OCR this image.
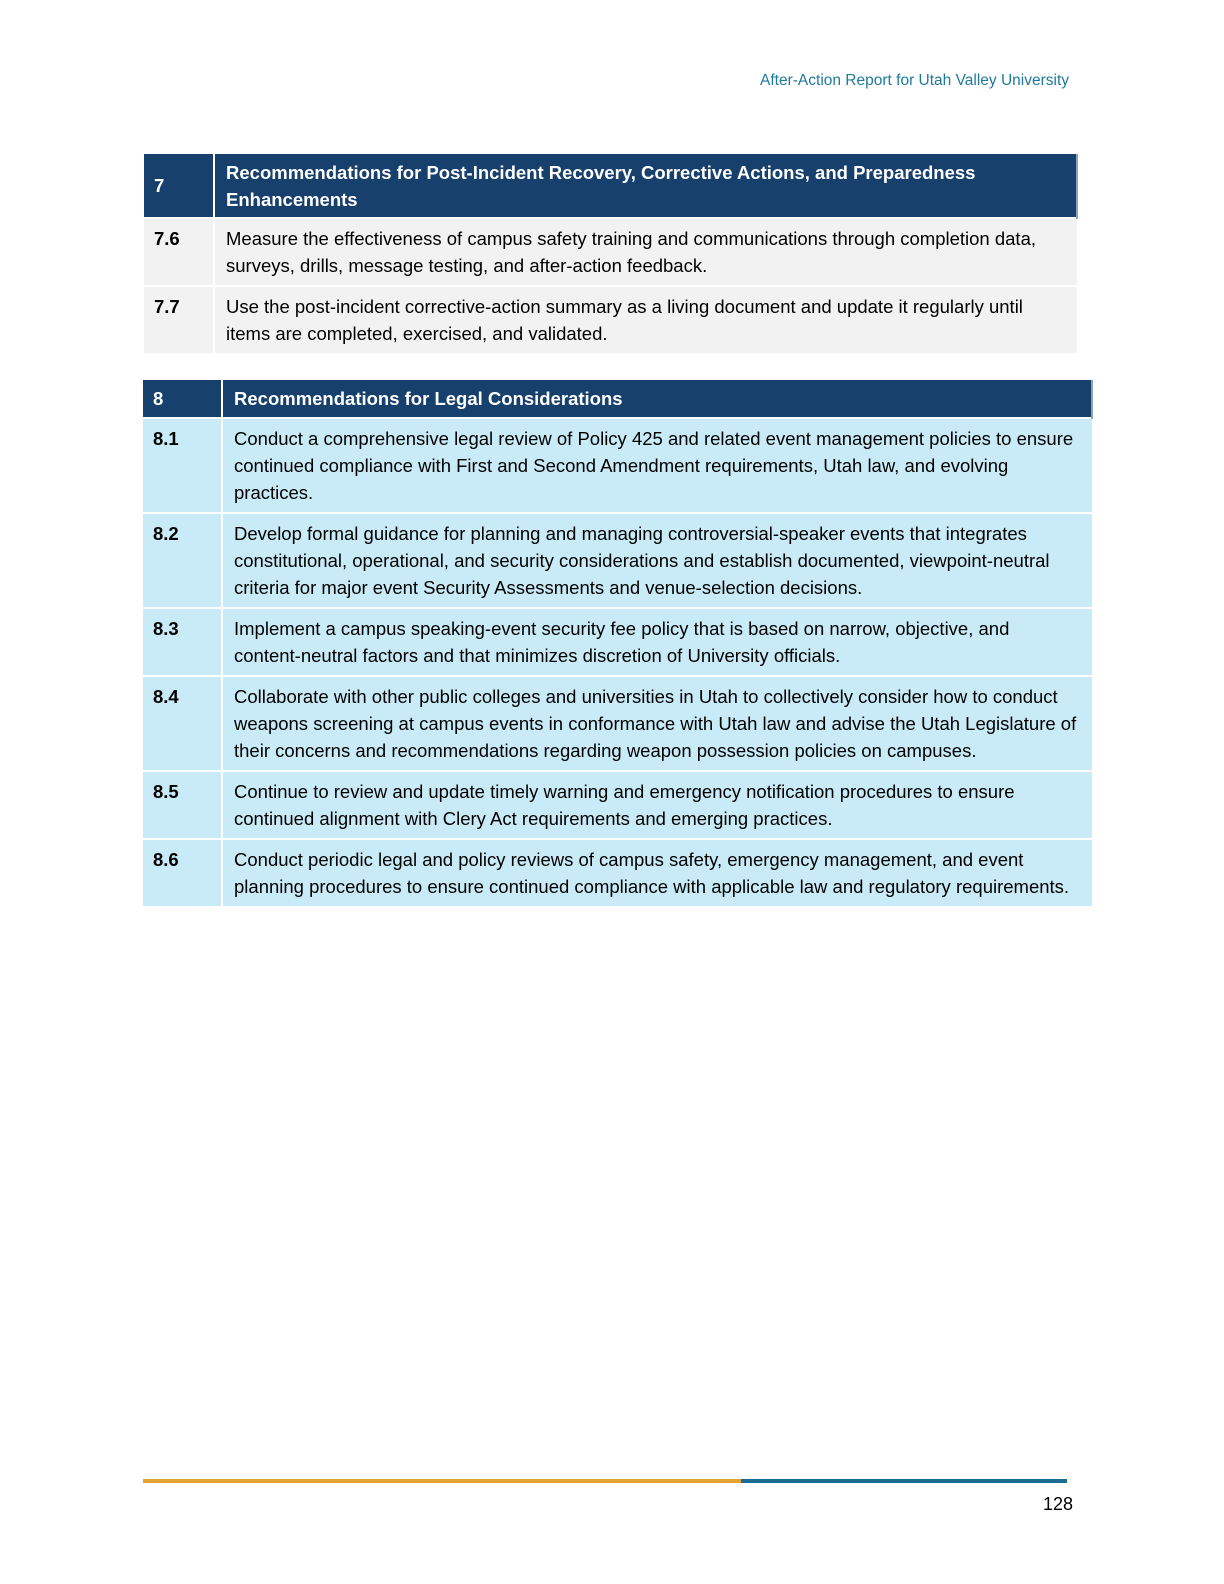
After-Action Report for Utah Valley University
7	Recommendations for Post-Incident Recovery, Corrective Actions, and Preparedness Enhancements
7.6	Measure the effectiveness of campus safety training and communications through completion data, surveys, drills, message testing, and after-action feedback.
7.7	Use the post-incident corrective-action summary as a living document and update it regularly until items are completed, exercised, and validated.
8	Recommendations for Legal Considerations
8.1	Conduct a comprehensive legal review of Policy 425 and related event management policies to ensure continued compliance with First and Second Amendment requirements, Utah law, and evolving practices.
8.2	Develop formal guidance for planning and managing controversial-speaker events that integrates constitutional, operational, and security considerations and establish documented, viewpoint-neutral criteria for major event Security Assessments and venue-selection decisions.
8.3	Implement a campus speaking-event security fee policy that is based on narrow, objective, and content-neutral factors and that minimizes discretion of University officials.
8.4	Collaborate with other public colleges and universities in Utah to collectively consider how to conduct weapons screening at campus events in conformance with Utah law and advise the Utah Legislature of their concerns and recommendations regarding weapon possession policies on campuses.
8.5	Continue to review and update timely warning and emergency notification procedures to ensure continued alignment with Clery Act requirements and emerging practices.
8.6	Conduct periodic legal and policy reviews of campus safety, emergency management, and event planning procedures to ensure continued compliance with applicable law and regulatory requirements.
128
